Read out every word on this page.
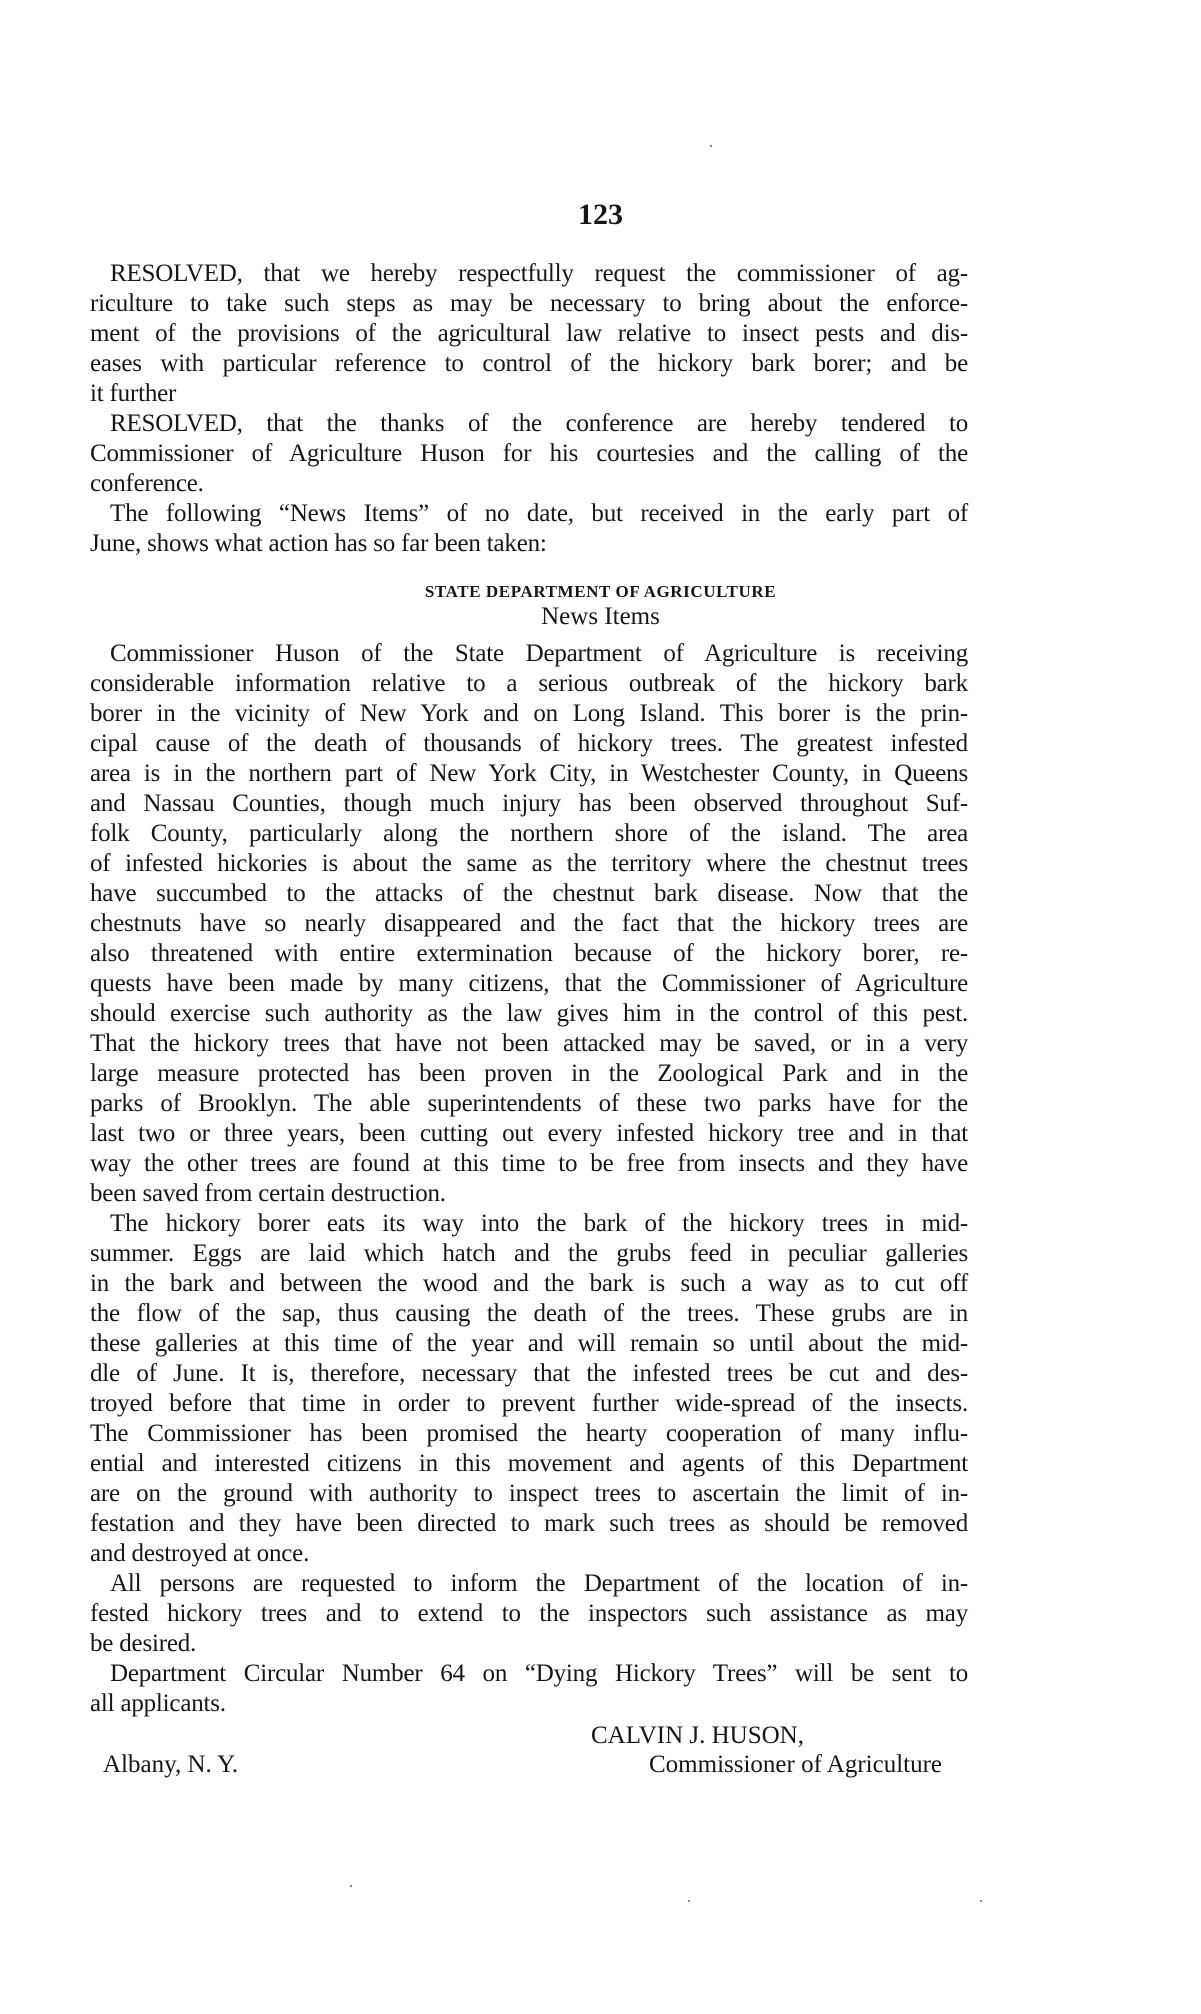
123
RESOLVED, that we hereby respectfully request the commissioner of ag-
riculture to take such steps as may be necessary to bring about the enforce-
ment of the provisions of the agricultural law relative to insect pests and dis-
eases with particular reference to control of the hickory bark borer; and be
it further
RESOLVED, that the thanks of the conference are hereby tendered to
Commissioner of Agriculture Huson for his courtesies and the calling of the
conference.
The following “News Items” of no date, but received in the early part of
June, shows what action has so far been taken:
STATE DEPARTMENT OF AGRICULTURE
News Items
Commissioner Huson of the State Department of Agriculture is receiving
considerable information relative to a serious outbreak of the hickory bark
borer in the vicinity of New York and on Long Island. This borer is the prin-
cipal cause of the death of thousands of hickory trees. The greatest infested
area is in the northern part of New York City, in Westchester County, in Queens
and Nassau Counties, though much injury has been observed throughout Suf-
folk County, particularly along the northern shore of the island. The area
of infested hickories is about the same as the territory where the chestnut trees
have succumbed to the attacks of the chestnut bark disease. Now that the
chestnuts have so nearly disappeared and the fact that the hickory trees are
also threatened with entire extermination because of the hickory borer, re-
quests have been made by many citizens, that the Commissioner of Agriculture
should exercise such authority as the law gives him in the control of this pest.
That the hickory trees that have not been attacked may be saved, or in a very
large measure protected has been proven in the Zoological Park and in the
parks of Brooklyn. The able superintendents of these two parks have for the
last two or three years, been cutting out every infested hickory tree and in that
way the other trees are found at this time to be free from insects and they have
been saved from certain destruction.
The hickory borer eats its way into the bark of the hickory trees in mid-
summer. Eggs are laid which hatch and the grubs feed in peculiar galleries
in the bark and between the wood and the bark is such a way as to cut off
the flow of the sap, thus causing the death of the trees. These grubs are in
these galleries at this time of the year and will remain so until about the mid-
dle of June. It is, therefore, necessary that the infested trees be cut and des-
troyed before that time in order to prevent further wide-spread of the insects.
The Commissioner has been promised the hearty cooperation of many influ-
ential and interested citizens in this movement and agents of this Department
are on the ground with authority to inspect trees to ascertain the limit of in-
festation and they have been directed to mark such trees as should be removed
and destroyed at once.
All persons are requested to inform the Department of the location of in-
fested hickory trees and to extend to the inspectors such assistance as may
be desired.
Department Circular Number 64 on “Dying Hickory Trees” will be sent to
all applicants.
CALVIN J. HUSON,
Albany, N. Y.	Commissioner of Agriculture
